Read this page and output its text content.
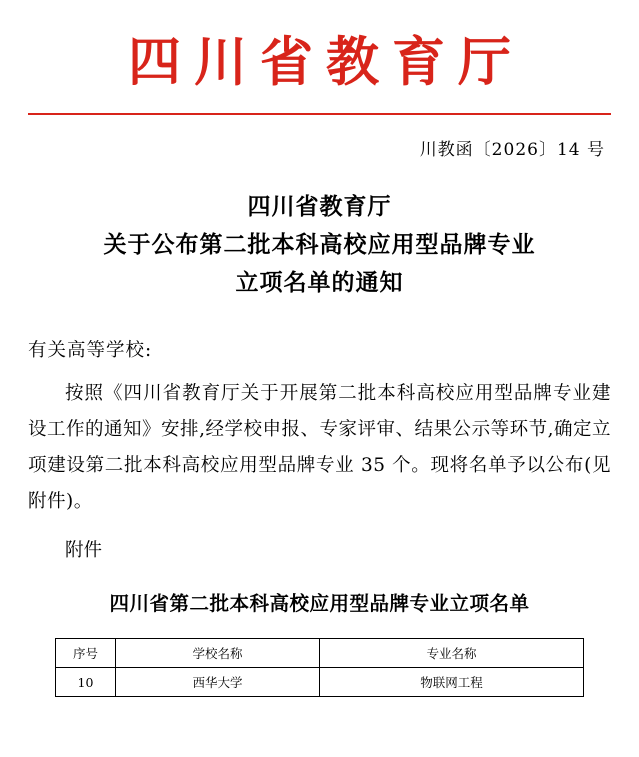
四川省教育厅
川教函〔2026〕14 号
四川省教育厅
关于公布第二批本科高校应用型品牌专业
立项名单的通知
有关高等学校:
按照《四川省教育厅关于开展第二批本科高校应用型品牌专业建设工作的通知》安排,经学校申报、专家评审、结果公示等环节,确定立项建设第二批本科高校应用型品牌专业 35 个。现将名单予以公布(见附件)。
附件
四川省第二批本科高校应用型品牌专业立项名单
序号	学校名称	专业名称
10	西华大学	物联网工程
